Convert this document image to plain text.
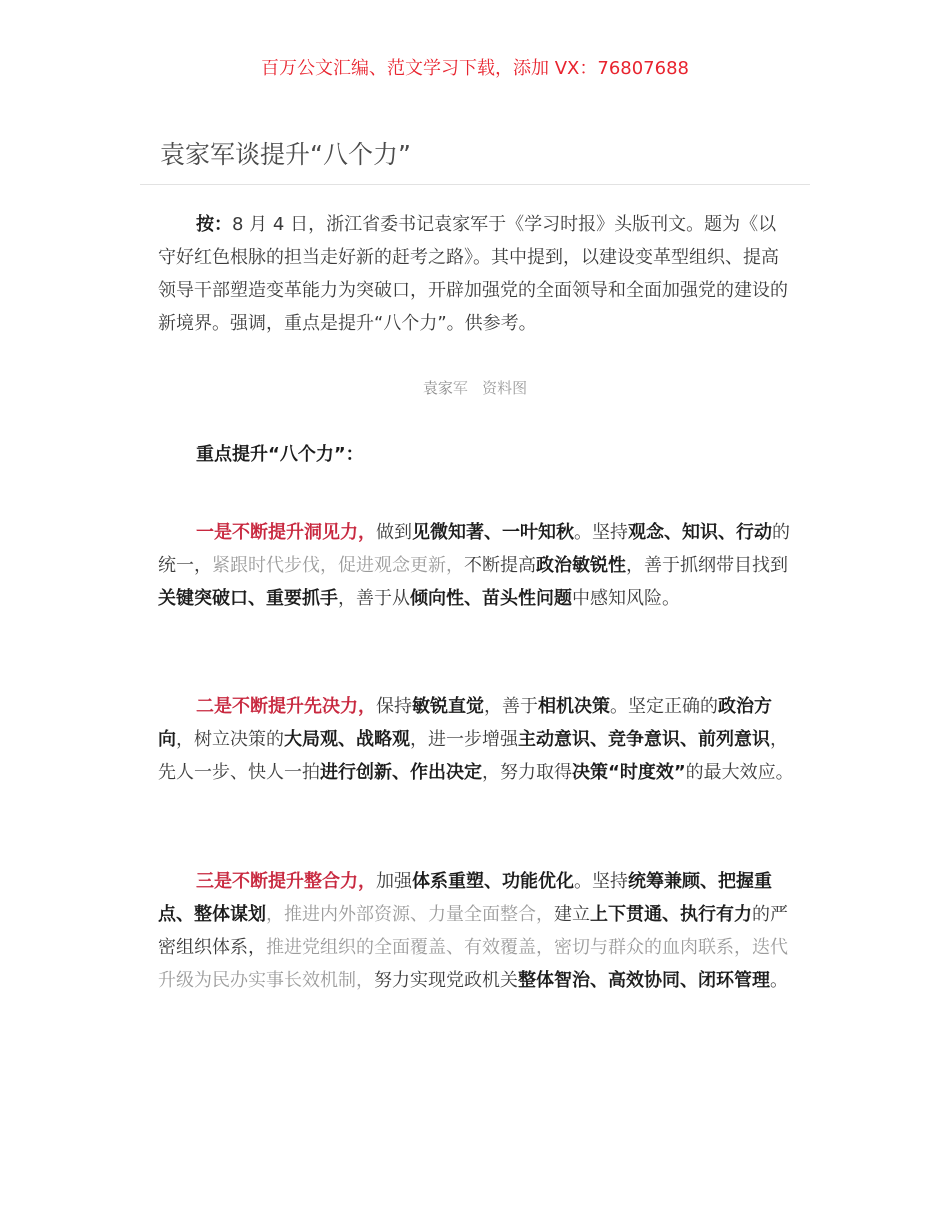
百万公文汇编、范文学习下载，添加 VX：76807688
袁家军谈提升“八个力”

按：8 月 4 日，浙江省委书记袁家军于《学习时报》头版刊文。题为《以守好红色根脉的担当走好新的赶考之路》。其中提到，以建设变革型组织、提高领导干部塑造变革能力为突破口，开辟加强党的全面领导和全面加强党的建设的新境界。强调，重点是提升“八个力”。供参考。

袁家军 资料图
重点提升“八个力”：

一是不断提升洞见力，做到见微知著、一叶知秋。坚持观念、知识、行动的统一，紧跟时代步伐，促进观念更新，不断提高政治敏锐性，善于抓纲带目找到关键突破口、重要抓手，善于从倾向性、苗头性问题中感知风险。

二是不断提升先决力，保持敏锐直觉，善于相机决策。坚定正确的政治方向，树立决策的大局观、战略观，进一步增强主动意识、竞争意识、前列意识，先人一步、快人一拍进行创新、作出决定，努力取得决策“时度效”的最大效应。

三是不断提升整合力，加强体系重塑、功能优化。坚持统筹兼顾、把握重点、整体谋划，推进内外部资源、力量全面整合，建立上下贯通、执行有力的严密组织体系，推进党组织的全面覆盖、有效覆盖，密切与群众的血肉联系，迭代升级为民办实事长效机制，努力实现党政机关整体智治、高效协同、闭环管理。
